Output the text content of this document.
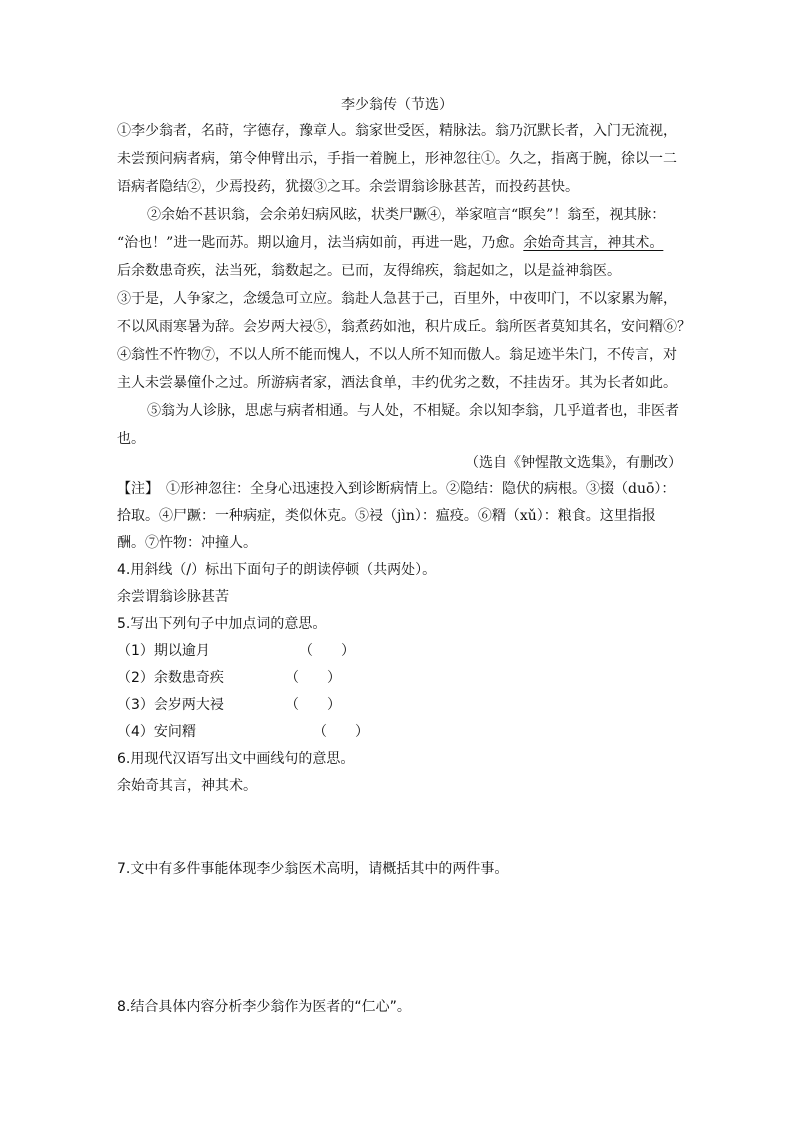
李少翁传（节选）
①李少翁者，名莳，字德存，豫章人。翁家世受医，精脉法。翁乃沉默长者，入门无流视，
未尝预问病者病，第令伸臂出示，手指一着腕上，形神忽往①。久之，指离于腕，徐以一二
语病者隐结②，少焉投药，犹掇③之耳。余尝谓翁诊脉甚苦，而投药甚快。
②余始不甚识翁，会余弟妇病风眩，状类尸蹶④，举家喧言“瞑矣”！翁至，视其脉：
“治也！”进一匙而苏。期以逾月，法当病如前，再进一匙，乃愈。余始奇其言，神其术。
后余数患奇疾，法当死，翁数起之。已而，友得绵疾，翁起如之，以是益神翁医。
③于是，人争家之，念缓急可立应。翁赴人急甚于己，百里外，中夜叩门，不以家累为解，
不以风雨寒暑为辞。会岁两大祲⑤，翁煮药如池，积片成丘。翁所医者莫知其名，安问糈⑥？
④翁性不忤物⑦，不以人所不能而愧人，不以人所不知而傲人。翁足迹半朱门，不传言，对
主人未尝暴僮仆之过。所游病者家，酒法食单，丰约优劣之数，不挂齿牙。其为长者如此。
⑤翁为人诊脉，思虑与病者相通。与人处，不相疑。余以知李翁，几乎道者也，非医者
也。
（选自《钟惺散文选集》，有删改）
【注】　①形神忽往：全身心迅速投入到诊断病情上。②隐结：隐伏的病根。③掇（duō）：
拾取。④尸蹶：一种病症，类似休克。⑤祲（jìn）：瘟疫。⑥糈（xǔ）：粮食。这里指报
酬。⑦忤物：冲撞人。
4.用斜线（/）标出下面句子的朗读停顿（共两处）。
余尝谓翁诊脉甚苦
5.写出下列句子中加点词的意思。
（1）期以逾月	（　　）
（2）余数患奇疾	（　　）
（3）会岁两大祲	（　　）
（4）安问糈	（　　）
6.用现代汉语写出文中画线句的意思。
余始奇其言，神其术。
7.文中有多件事能体现李少翁医术高明，请概括其中的两件事。
8.结合具体内容分析李少翁作为医者的“仁心”。
